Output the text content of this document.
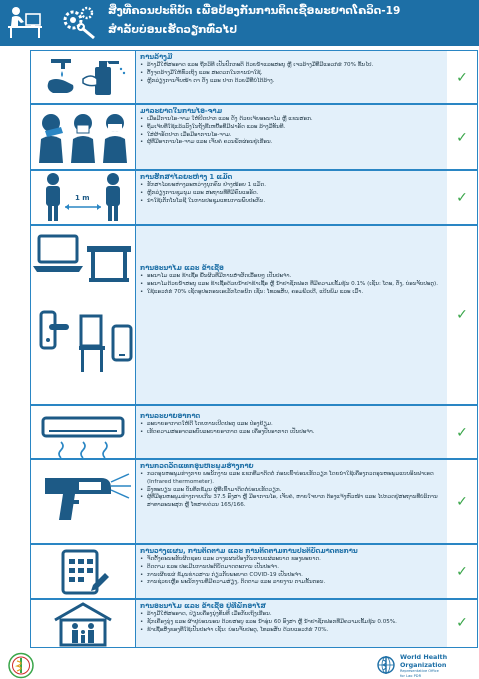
ສິ່ງທີ່ຄວນປະຕິບັດ ເພື່ອປ້ອງກັນການຕິດເຊື້ອພະຍາດໂຄວິດ-19
ສຳລັບບ່ອນເຮັດວຽກທົ່ວໄປ
ການລ້າງມື
• ລ້າງມືໃຫ້ສະອາດ ແລະ ຖືກວິທີ ເປັນປົກກະຕິ ດ້ວຍນ້ຳແລະສະບູ ຫຼື ເຈວລ້າງມືທີ່ມີແອວກໍຮໍ 70% ຂຶ້ນໄປ.
• ຕັ້ງຈຸດລ້າງມືໃຫ້ທົ່ວເຖິງ ແລະ ສະດວກໃນການນຳໃຊ້.
• ຫຼີກລ່ຽງການຈັບໜ້າ ຕາ ດັງ ແລະ ປາກ ດ້ວຍມືທີ່ບໍ່ໄດ້ລ້າງ.	✓
ມາລະຍາດໃນການໄອ-ຈາມ
• ເມື່ອມີການໄອ-ຈາມ ໃຫ້ປິດປາກ ແລະ ດັງ ດ້ວຍເຈ້ຍອະນາໄມ ຫຼື ແຂນສອກ.
• ຖິ້ມເຈ້ຍທີ່ໃຊ້ແລ້ວລົງໃນຖັງຂີ້ເຫຍື້ອທີ່ມີຝາອັດ ແລະ ລ້າງມືທັນທີ.
• ໃສ່ຜ້າອັດປາກ ເມື່ອມີອາການໄອ-ຈາມ.
• ຜູ້ທີ່ມີອາການໄອ-ຈາມ ແລະ ເຈັບຄໍ ຄວນພັກຜ່ອນຢູ່ເຮືອນ.	✓
1 m
ການຮັກສາໄລຍະຫ່າງ 1 ແມັດ
• ຮັກສາໄລຍະຫ່າງລະຫວ່າງບຸກຄົນ ຢ່າງໜ້ອຍ 1 ແມັດ.
• ຫຼີກລ່ຽງການຊຸມນຸມ ແລະ ສະຖານທີ່ທີ່ມີຄົນແອອັດ.
• ນຳໃຊ້ເຕັກໂນໂລຊີ ໃນການປະຊຸມແທນການພົບປະກັນ.	✓
ການອະນາໄມ ແລະ ຂ້າເຊື້ອ
• ອະນາໄມ ແລະ ຂ້າເຊື້ອ ພື້ນຜິວທີ່ມີການສຳຜັດເລື້ອຍໆ ເປັນປະຈຳ.
• ອະນາໄມດ້ວຍນ້ຳສະບູ ແລະ ຂ້າເຊື້ອດ້ວຍນ້ຳຢາຂ້າເຊື້ອ ຫຼື ນ້ຳຢາຊັກຟອກ ທີ່ມີຄວາມເຂັ້ມຂຸ້ນ 0.1% (ເຊັ່ນ: ໂຕະ, ຕັ່ງ, ບ່ອນຈັບປະຕູ).
• ໃຊ້ແອວກໍຮໍ 70% ເຊັດອຸປະກອນເອເລັກໂຕຣນິກ ເຊັ່ນ: ໂທລະສັບ, ຄອມພິວເຕີ, ແປ້ນພິມ ແລະ ເມົ້າ.
✓
ການລະບາຍອາກາດ
• ລະບາຍອາກາດໃຫ້ດີ ໂດຍການເປີດປະຕູ ແລະ ປ່ອງຢ້ຽມ.
• ເຮັດຄວາມສະອາດລະບົບລະບາຍອາກາດ ແລະ ເຄື່ອງປັບອາກາດ ເປັນປະຈຳ.	✓
ການກວດວັດແທກອຸນຫະພູມຮ່າງກາຍ
• ກວດອຸນຫະພູມຮ່າງກາຍ ພະນັກງານ ແລະ ແຂກທີ່ມາຕິດຕໍ່ ກ່ອນເຂົ້າບ່ອນເຮັດວຽກ ໂດຍນຳໃຊ້ເຄື່ອງກວດອຸນຫະພູມແບບອິນຟາເຣດ (Infrared thermometer).
• ລົງທະບຽນ ແລະ ບັນທຶກຂໍ້ມູນ ຜູ້ທີ່ເຂົ້າມາຕິດຕໍ່ບ່ອນເຮັດວຽກ.
• ຜູ້ທີ່ມີອຸນຫະພູມຮ່າງກາຍເກີນ 37.5 ອົງສາ ຫຼື ມີອາການໄອ, ເຈັບຄໍ, ຫາຍໃຈຍາກ ຕ້ອງແຈ້ງຫົວໜ້າ ແລະ ໄປກວດຢູ່ສະຖານທີ່ບໍລິການສາທາລະນະສຸກ ຫຼື ໂທສາຍດ່ວນ 165/166.	✓
ການວາງແຜນ, ການຕິດຕາມ ແລະ ການຕິດຕາມການປະຕິບັດມາດຕະການ
• ຈັດຕັ້ງຄະນະຮັບຜິດຊອບ ແລະ ວາງແຜນປ້ອງກັນການແຜ່ລະບາດ ຂອງພະຍາດ.
• ຕິດຕາມ ແລະ ປະເມີນການປະຕິບັດມາດຕະການ ເປັນປະຈຳ.
• ການເຜີຍແຜ່ ຂໍ້ມູນຂ່າວສານ ກ່ຽວກັບພະຍາດ COVID-19 ເປັນປະຈຳ.
• ການຊ່ວຍເຫຼືອ ພະນັກງານທີ່ມີຄວາມສ່ຽງ, ຕິດຕາມ ແລະ ລາຍງານ ຕາມຂັ້ນຕອນ.
✓
ການອະນາໄມ ແລະ ຂ້າເຊື້ອ ຢູ່ທີ່ພັກອາໄສ
• ລ້າງມືໃຫ້ສະອາດ, ປ່ຽນເຄື່ອງນຸ່ງທັນທີ ເມື່ອກັບເຖິງເຮືອນ.
• ຊັກເຄື່ອງນຸ່ງ ແລະ ຜ້າປູບ່ອນນອນ ດ້ວຍສະບູ ແລະ ນ້ຳອຸ່ນ 60 ອົງສາ ຫຼື ນ້ຳຢາຊັກຟອກທີ່ມີຄວາມເຂັ້ມຂຸ້ນ 0.05%.
• ຂ້າເຊື້ອສິ່ງຂອງທີ່ໃຊ້ເປັນປະຈຳ ເຊັ່ນ: ບ່ອນຈັບປະຕູ, ໂທລະສັບ ດ້ວຍແອວກໍຮໍ 70%.	✓
World Health
Organization
Representative Office
for Lao PDR
